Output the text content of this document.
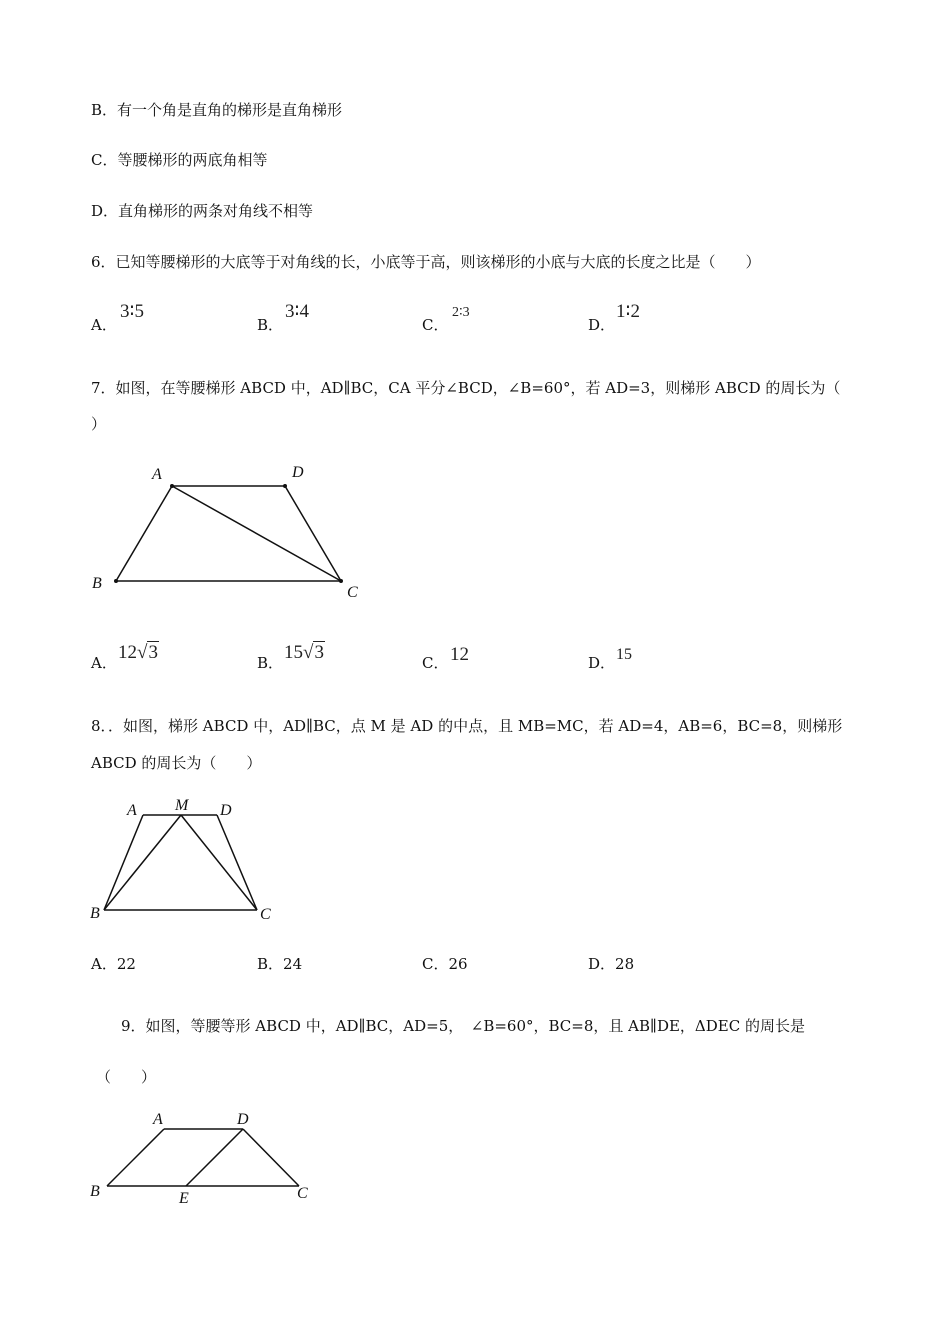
B．有一个角是直角的梯形是直角梯形
C．等腰梯形的两底角相等
D．直角梯形的两条对角线不相等
6．已知等腰梯形的大底等于对角线的长，小底等于高，则该梯形的小底与大底的长度之比是（　　）
A．
3∶5
B．
3∶4
C．
2∶3
D．
1∶2
7．如图，在等腰梯形 ABCD 中，AD∥BC，CA 平分∠BCD，∠B=60°，若 AD=3，则梯形 ABCD 的周长为（
）
A	D
B
C
A M D
B	C
A	D
B	E	C
A． 12√3	B． 15√3	C． 12	D． 15
8．．如图，梯形 ABCD 中，AD∥BC，点 M 是 AD 的中点，且 MB=MC，若 AD=4，AB=6，BC=8，则梯形
ABCD 的周长为（　　）
A．22	B．24	C．26	D．28
9．如图，等腰等形 ABCD 中，AD∥BC，AD=5，　∠B=60°，BC=8，且 AB∥DE，ΔDEC 的周长是
（　　）
